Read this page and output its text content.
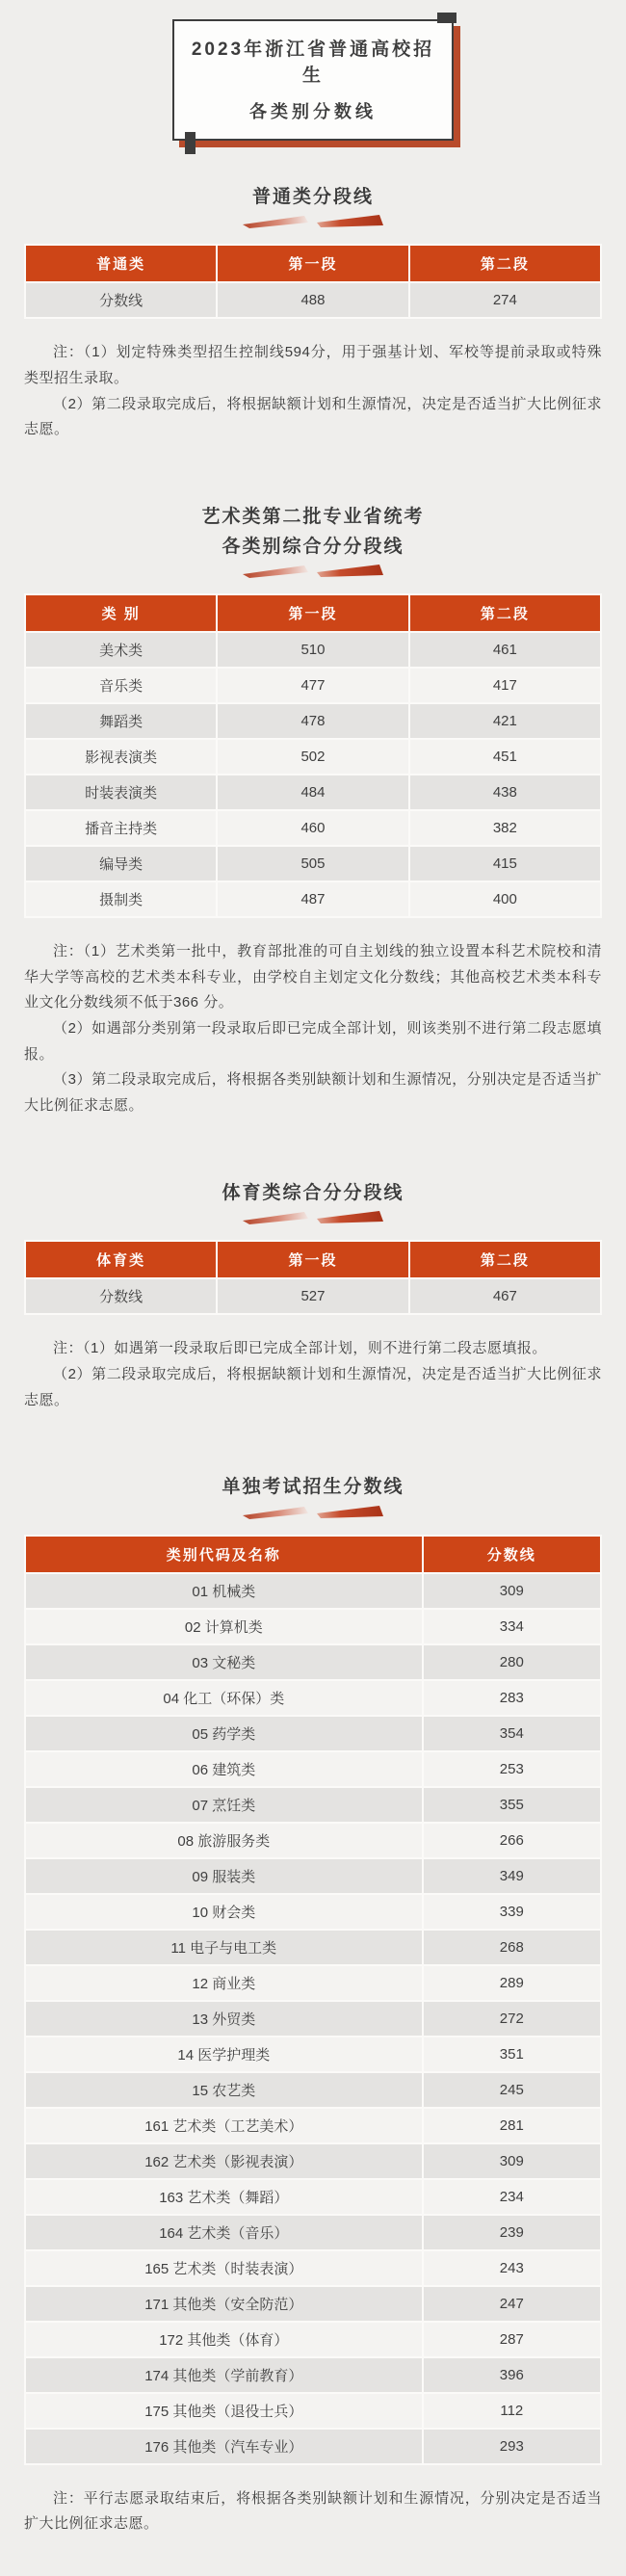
2023年浙江省普通高校招生
各类别分数线
普通类分段线
普通类	第一段	第二段
分数线	488	274

注：（1）划定特殊类型招生控制线594分，用于强基计划、军校等提前录取或特殊类型招生录取。

（2）第二段录取完成后，将根据缺额计划和生源情况，决定是否适当扩大比例征求志愿。

艺术类第二批专业省统考
各类别综合分分段线
类 别	第一段	第二段
美术类	510	461
音乐类	477	417
舞蹈类	478	421
影视表演类	502	451
时装表演类	484	438
播音主持类	460	382
编导类	505	415
摄制类	487	400

注：（1）艺术类第一批中，教育部批准的可自主划线的独立设置本科艺术院校和清华大学等高校的艺术类本科专业，由学校自主划定文化分数线；其他高校艺术类本科专业文化分数线须不低于366 分。

（2）如遇部分类别第一段录取后即已完成全部计划，则该类别不进行第二段志愿填报。

（3）第二段录取完成后，将根据各类别缺额计划和生源情况，分别决定是否适当扩大比例征求志愿。

体育类综合分分段线
体育类	第一段	第二段
分数线	527	467

注：（1）如遇第一段录取后即已完成全部计划，则不进行第二段志愿填报。

（2）第二段录取完成后，将根据缺额计划和生源情况，决定是否适当扩大比例征求志愿。

单独考试招生分数线
类别代码及名称	分数线
01 机械类	309
02 计算机类	334
03 文秘类	280
04 化工（环保）类	283
05 药学类	354
06 建筑类	253
07 烹饪类	355
08 旅游服务类	266
09 服装类	349
10 财会类	339
11 电子与电工类	268
12 商业类	289
13 外贸类	272
14 医学护理类	351
15 农艺类	245
161 艺术类（工艺美术）	281
162 艺术类（影视表演）	309
163 艺术类（舞蹈）	234
164 艺术类（音乐）	239
165 艺术类（时装表演）	243
171 其他类（安全防范）	247
172 其他类（体育）	287
174 其他类（学前教育）	396
175 其他类（退役士兵）	112
176 其他类（汽车专业）	293

注：平行志愿录取结束后，将根据各类别缺额计划和生源情况，分别决定是否适当扩大比例征求志愿。
